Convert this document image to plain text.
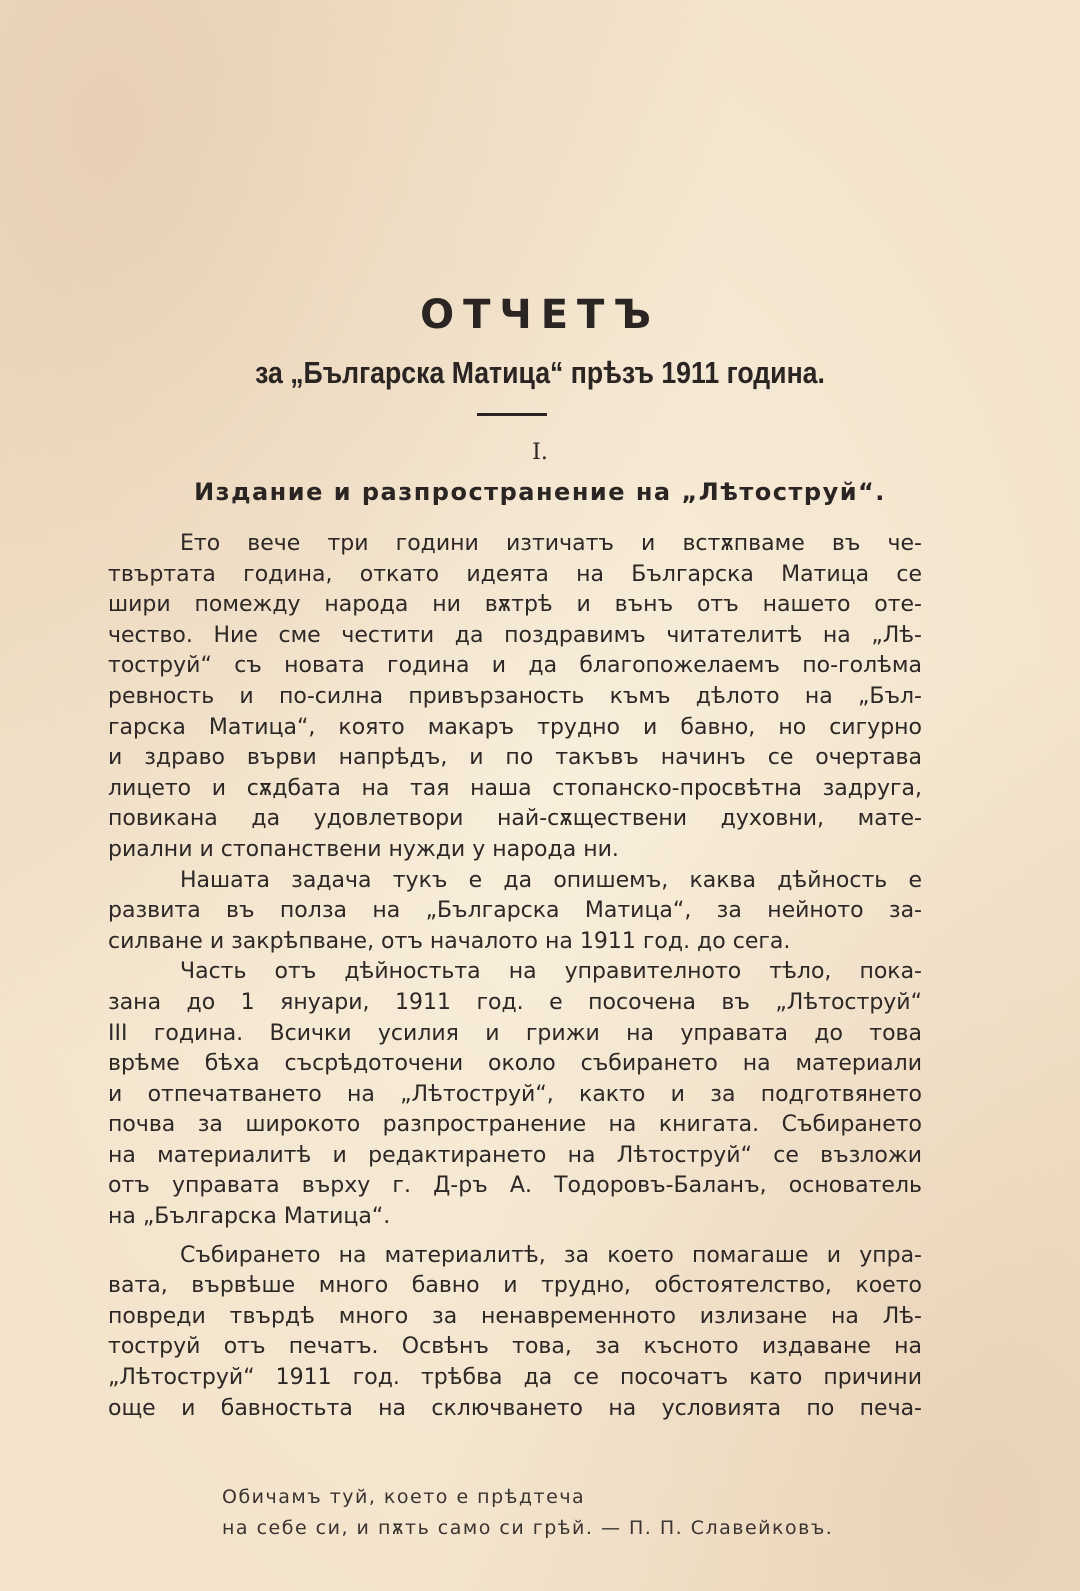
ОТЧЕТЪ
за „Българска Матица“ прѣзъ 1911 година.
I.
Издание и разпространение на „Лѣтоструй“.
Ето вече три години изтичатъ и встѫпваме въ че-
твъртата година, откато идеята на Българска Матица се
шири помежду народа ни вѫтрѣ и вънъ отъ нашето оте-
чество. Ние сме честити да поздравимъ читателитѣ на „Лѣ-
тоструй“ съ новата година и да благопожелаемъ по-голѣма
ревность и по-силна привързаность къмъ дѣлото на „Бъл-
гарска Матица“, която макаръ трудно и бавно, но сигурно
и здраво върви напрѣдъ, и по такъвъ начинъ се очертава
лицето и сѫдбата на тая наша стопанско-просвѣтна задруга,
повикана да удовлетвори най-сѫществени духовни, мате-
риални и стопанствени нужди у народа ни.
Нашата задача тукъ е да опишемъ, каква дѣйность е
развита въ полза на „Българска Матица“, за нейното за-
силване и закрѣпване, отъ началото на 1911 год. до сега.
Часть отъ дѣйностьта на управителното тѣло, пока-
зана до 1 януари, 1911 год. е посочена въ „Лѣтоструй“
III година. Всички усилия и грижи на управата до това
врѣме бѣха съсрѣдоточени около събирането на материали
и отпечатването на „Лѣтоструй“, както и за подготвянето
почва за широкото разпространение на книгата. Събирането
на материалитѣ и редактирането на Лѣтоструй“ се възложи
отъ управата върху г. Д-ръ А. Тодоровъ-Баланъ, основатель
на „Българска Матица“.
Събирането на материалитѣ, за което помагаше и упра-
вата, вървѣше много бавно и трудно, обстоятелство, което
повреди твърдѣ много за ненавременното излизане на Лѣ-
тоструй отъ печатъ. Освѣнъ това, за късното издаване на
„Лѣтоструй“ 1911 год. трѣбва да се посочатъ като причини
още и бавностьта на сключването на условията по печа-
Обичамъ туй, което е прѣдтеча
на себе си, и пѫть само си грѣй. — П. П. Славейковъ.
